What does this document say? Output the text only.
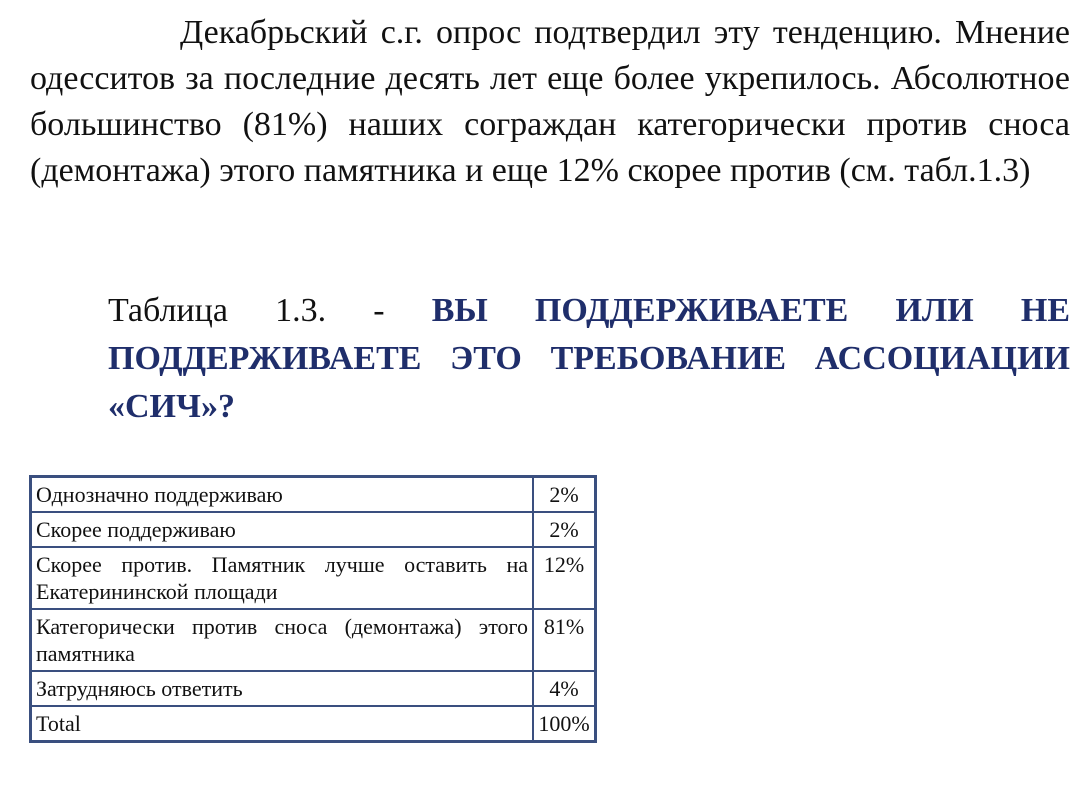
Декабрьский с.г. опрос подтвердил эту тенденцию. Мнение одесситов за последние десять лет еще более укрепилось. Абсолютное большинство (81%) наших сограждан категорически против сноса (демонтажа) этого памятника и еще 12% скорее против (см. табл.1.3)

Таблица 1.3. - ВЫ ПОДДЕРЖИВАЕТЕ ИЛИ НЕ ПОДДЕРЖИВАЕТЕ ЭТО ТРЕБОВАНИЕ АССОЦИАЦИИ «СИЧ»?

Однозначно поддерживаю	2%
Скорее поддерживаю	2%
Скорее против. Памятник лучше оставить на Екатерининской площади	12%
Категорически против сноса (демонтажа) этого памятника	81%
Затрудняюсь ответить	4%
Total	100%
